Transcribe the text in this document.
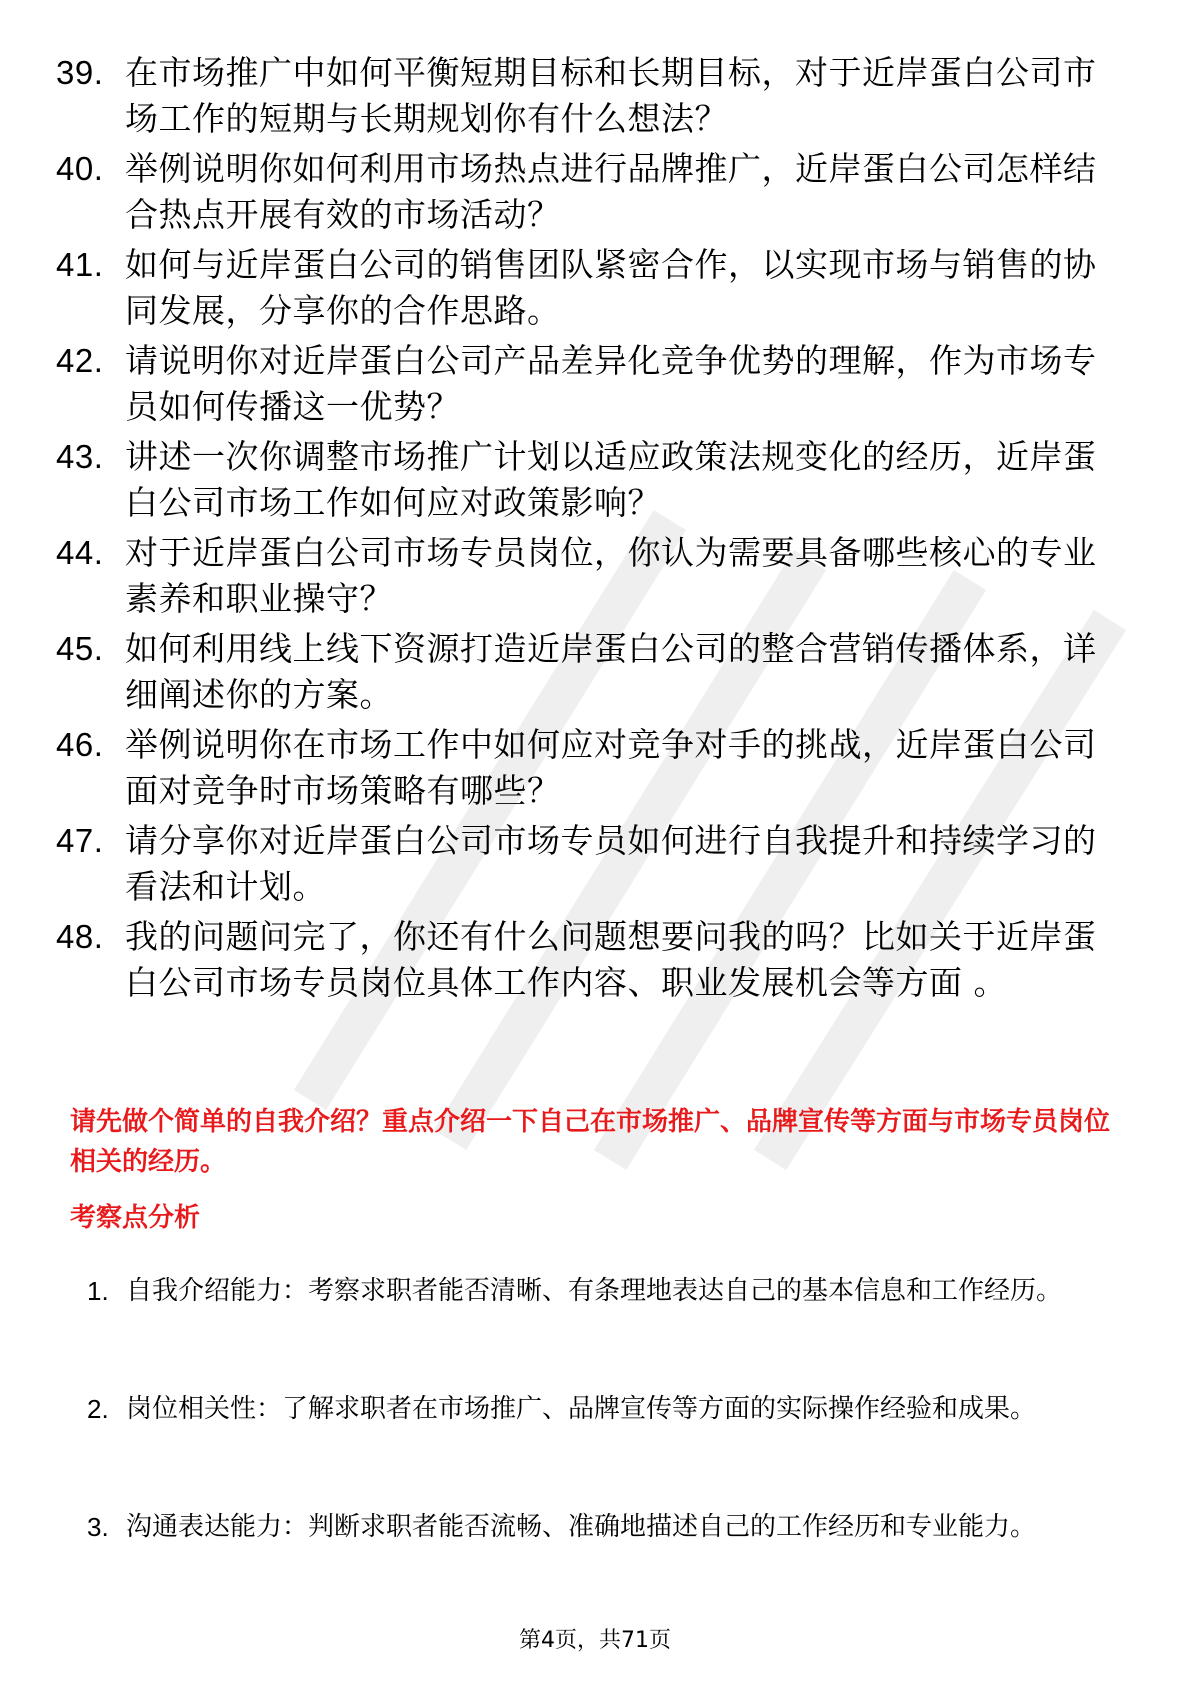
39. 在市场推广中如何平衡短期目标和长期目标，对于近岸蛋白公司市场工作的短期与长期规划你有什么想法？
40. 举例说明你如何利用市场热点进行品牌推广，近岸蛋白公司怎样结合热点开展有效的市场活动？
41. 如何与近岸蛋白公司的销售团队紧密合作，以实现市场与销售的协同发展，分享你的合作思路。
42. 请说明你对近岸蛋白公司产品差异化竞争优势的理解，作为市场专员如何传播这一优势？
43. 讲述一次你调整市场推广计划以适应政策法规变化的经历，近岸蛋白公司市场工作如何应对政策影响？
44. 对于近岸蛋白公司市场专员岗位，你认为需要具备哪些核心的专业素养和职业操守？
45. 如何利用线上线下资源打造近岸蛋白公司的整合营销传播体系，详细阐述你的方案。
46. 举例说明你在市场工作中如何应对竞争对手的挑战，近岸蛋白公司面对竞争时市场策略有哪些？
47. 请分享你对近岸蛋白公司市场专员如何进行自我提升和持续学习的看法和计划。
48. 我的问题问完了，你还有什么问题想要问我的吗？比如关于近岸蛋白公司市场专员岗位具体工作内容、职业发展机会等方面 。
请先做个简单的自我介绍？重点介绍一下自己在市场推广、品牌宣传等方面与市场专员岗位相关的经历。
考察点分析
1. 自我介绍能力：考察求职者能否清晰、有条理地表达自己的基本信息和工作经历。
2. 岗位相关性：了解求职者在市场推广、品牌宣传等方面的实际操作经验和成果。
3. 沟通表达能力：判断求职者能否流畅、准确地描述自己的工作经历和专业能力。
第4页，共71页
